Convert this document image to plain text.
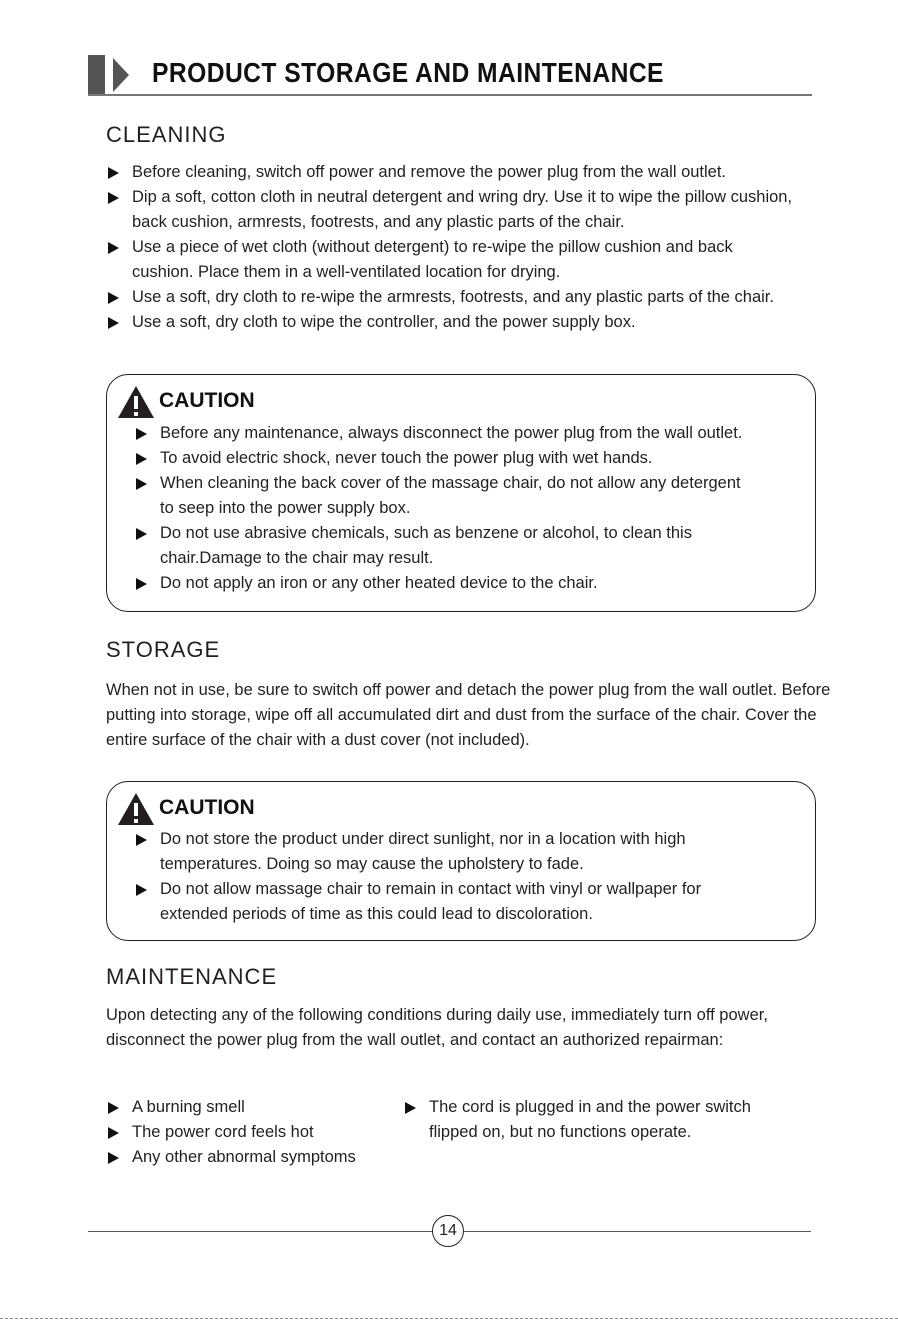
PRODUCT STORAGE AND MAINTENANCE
CLEANING
Before cleaning, switch off power and remove the power plug from the wall outlet.
Dip a soft, cotton cloth in neutral detergent and wring dry. Use it to wipe the pillow cushion, back cushion, armrests, footrests, and any plastic parts of the chair.
Use a piece of wet cloth (without detergent) to re-wipe the pillow cushion and back cushion. Place them in a well-ventilated location for drying.
Use a soft, dry cloth to re-wipe the armrests, footrests, and any plastic parts of the chair.
Use a soft, dry cloth to wipe the controller, and the power supply box.
CAUTION
Before any maintenance, always disconnect the power plug from the wall outlet.
To avoid electric shock, never touch the power plug with wet hands.
When cleaning the back cover of the massage chair, do not allow any detergent to seep into the power supply box.
Do not use abrasive chemicals, such as benzene or alcohol, to clean this chair.Damage to the chair may result.
Do not apply an iron or any other heated device to the chair.
STORAGE

When not in use, be sure to switch off power and detach the power plug from the wall outlet. Before putting into storage, wipe off all accumulated dirt and dust from the surface of the chair. Cover the entire surface of the chair with a dust cover (not included).

CAUTION
Do not store the product under direct sunlight, nor in a location with high temperatures. Doing so may cause the upholstery to fade.
Do not allow massage chair to remain in contact with vinyl or wallpaper for extended periods of time as this could lead to discoloration.
MAINTENANCE

Upon detecting any of the following conditions during daily use, immediately turn off power, disconnect the power plug from the wall outlet, and contact an authorized repairman:

A burning smell
The power cord feels hot
Any other abnormal symptoms
The cord is plugged in and the power switch flipped on, but no functions operate.
14
